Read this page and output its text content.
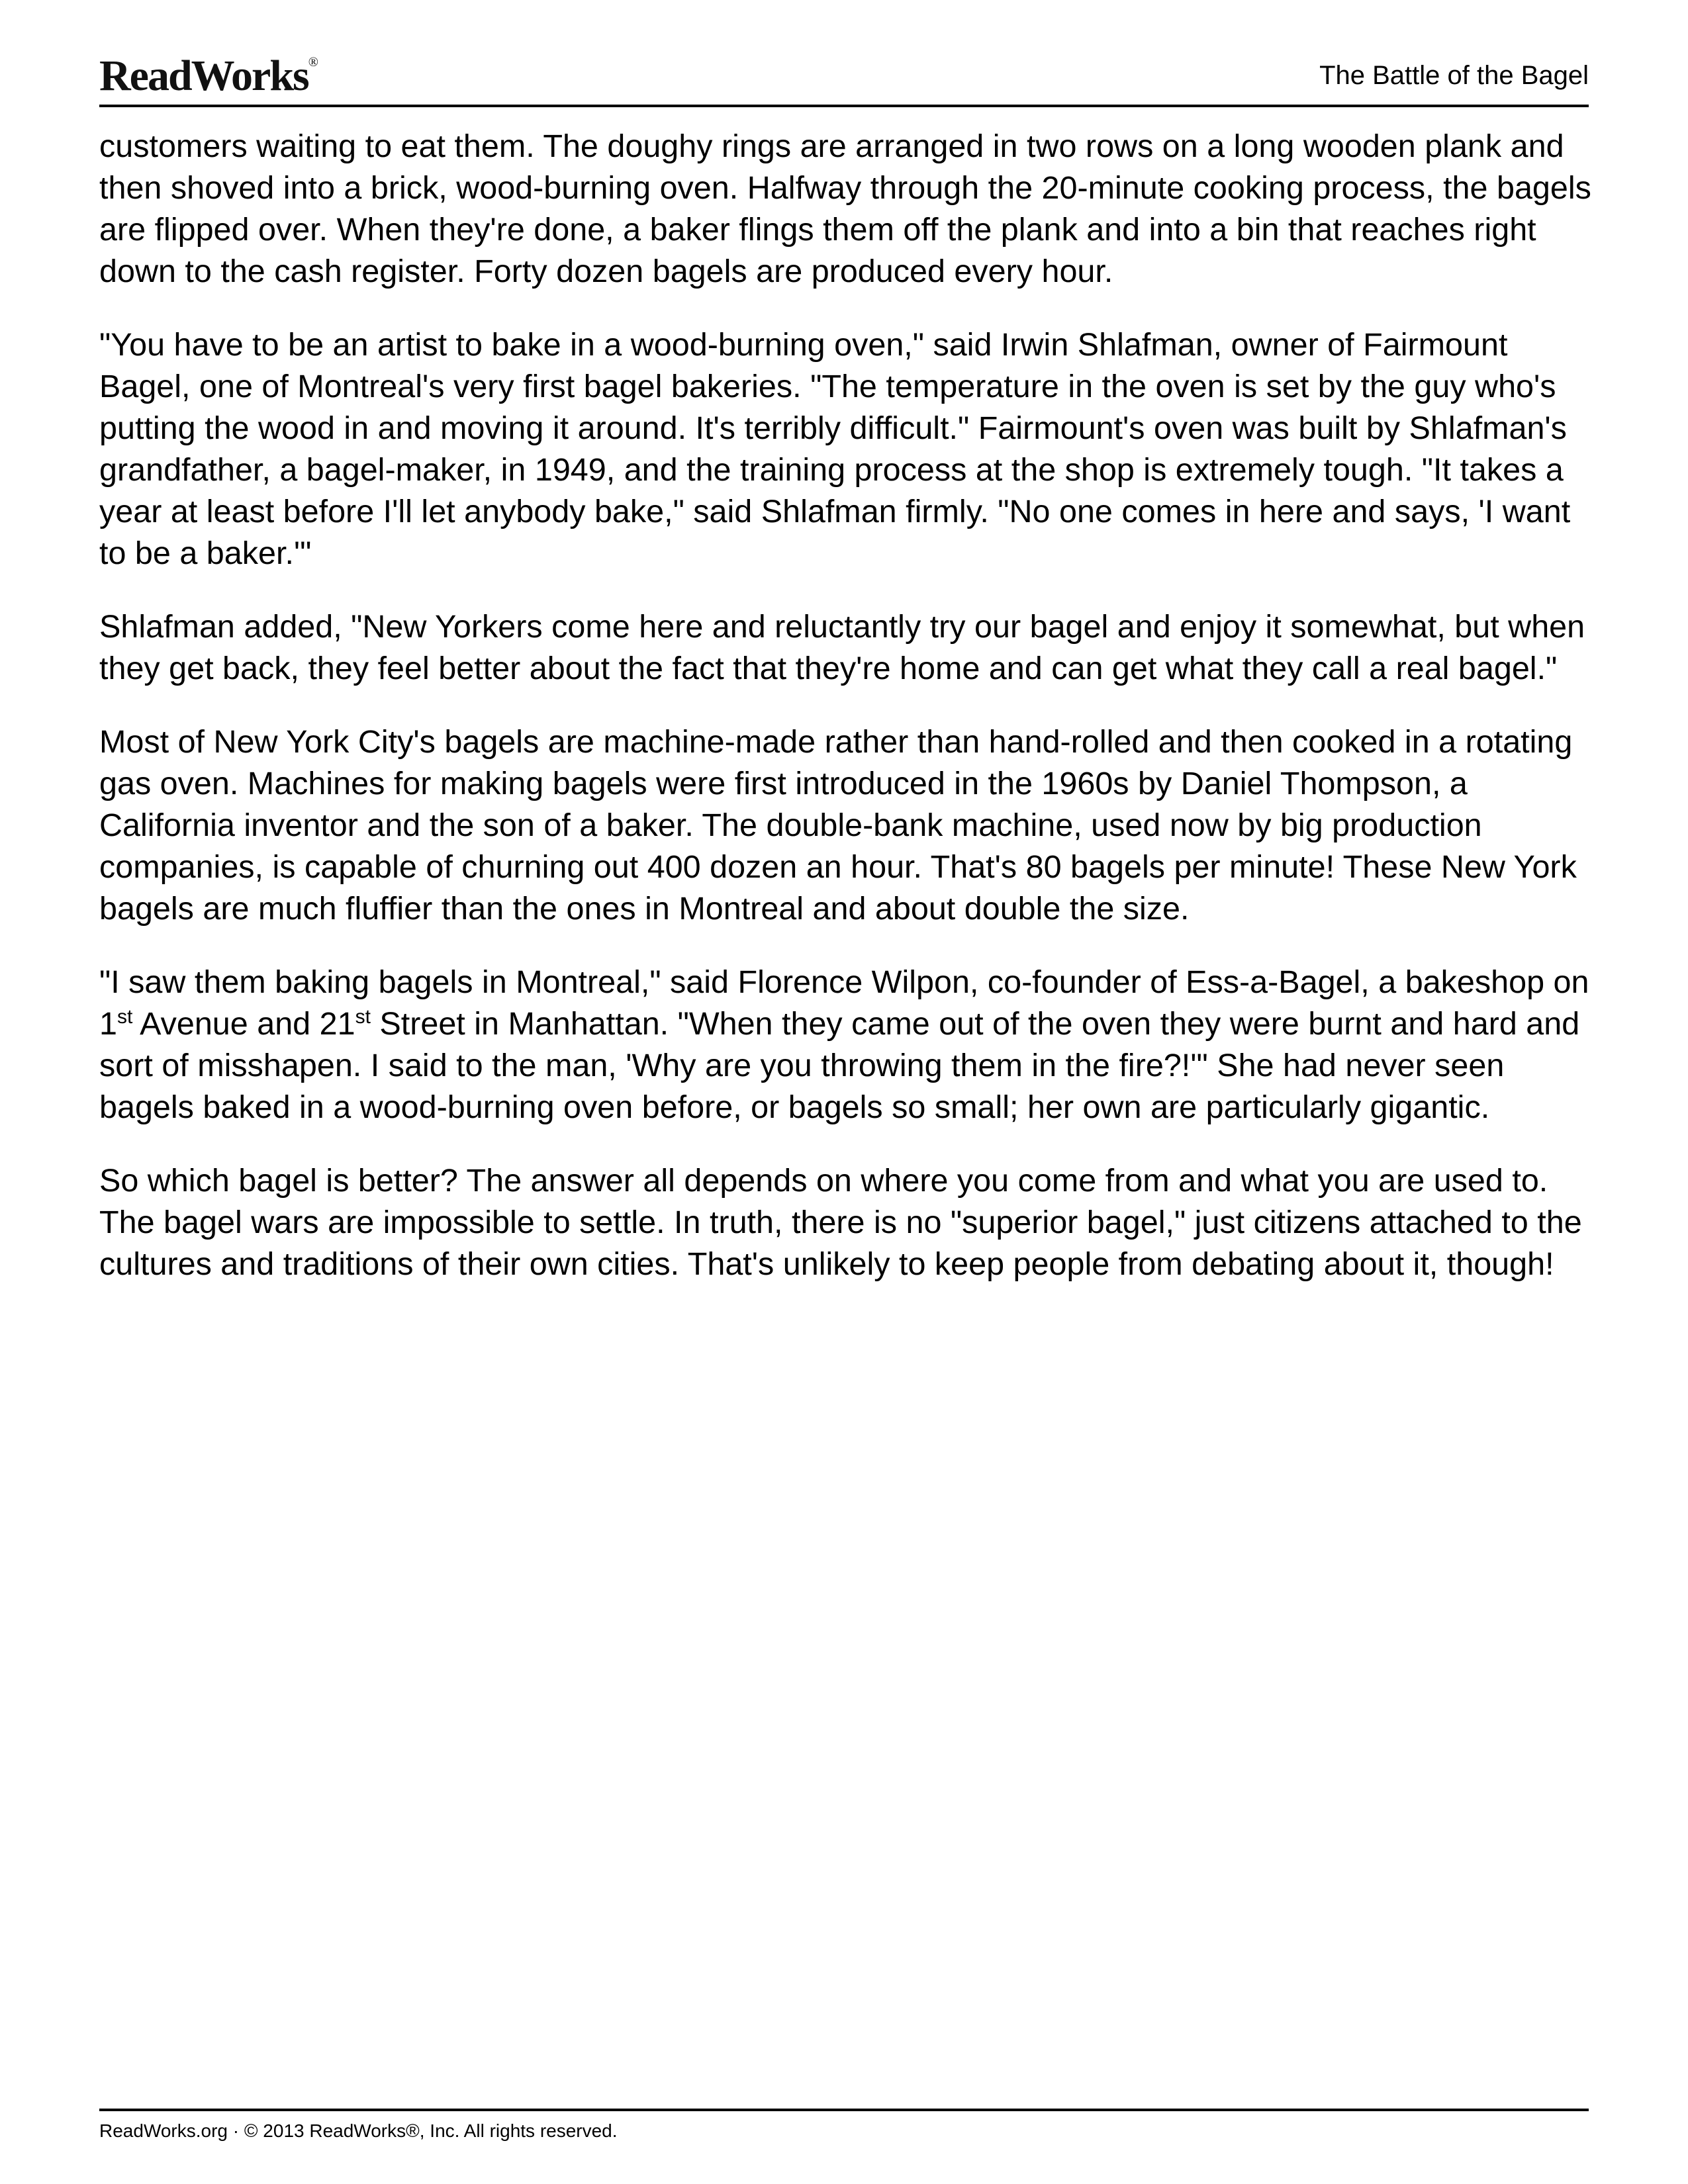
ReadWorks®	The Battle of the Bagel

customers waiting to eat them. The doughy rings are arranged in two rows on a long wooden plank and then shoved into a brick, wood-burning oven. Halfway through the 20-minute cooking process, the bagels are flipped over. When they're done, a baker flings them off the plank and into a bin that reaches right down to the cash register. Forty dozen bagels are produced every hour.

"You have to be an artist to bake in a wood-burning oven," said Irwin Shlafman, owner of Fairmount Bagel, one of Montreal's very first bagel bakeries. "The temperature in the oven is set by the guy who's putting the wood in and moving it around. It's terribly difficult." Fairmount's oven was built by Shlafman's grandfather, a bagel-maker, in 1949, and the training process at the shop is extremely tough. "It takes a year at least before I'll let anybody bake," said Shlafman firmly. "No one comes in here and says, 'I want to be a baker.'"

Shlafman added, "New Yorkers come here and reluctantly try our bagel and enjoy it somewhat, but when they get back, they feel better about the fact that they're home and can get what they call a real bagel."

Most of New York City's bagels are machine-made rather than hand-rolled and then cooked in a rotating gas oven. Machines for making bagels were first introduced in the 1960s by Daniel Thompson, a California inventor and the son of a baker. The double-bank machine, used now by big production companies, is capable of churning out 400 dozen an hour. That's 80 bagels per minute! These New York bagels are much fluffier than the ones in Montreal and about double the size.

"I saw them baking bagels in Montreal," said Florence Wilpon, co-founder of Ess-a-Bagel, a bakeshop on 1st Avenue and 21st Street in Manhattan. "When they came out of the oven they were burnt and hard and sort of misshapen. I said to the man, 'Why are you throwing them in the fire?!'" She had never seen bagels baked in a wood-burning oven before, or bagels so small; her own are particularly gigantic.

So which bagel is better? The answer all depends on where you come from and what you are used to. The bagel wars are impossible to settle. In truth, there is no "superior bagel," just citizens attached to the cultures and traditions of their own cities. That's unlikely to keep people from debating about it, though!

ReadWorks.org · © 2013 ReadWorks®, Inc. All rights reserved.
